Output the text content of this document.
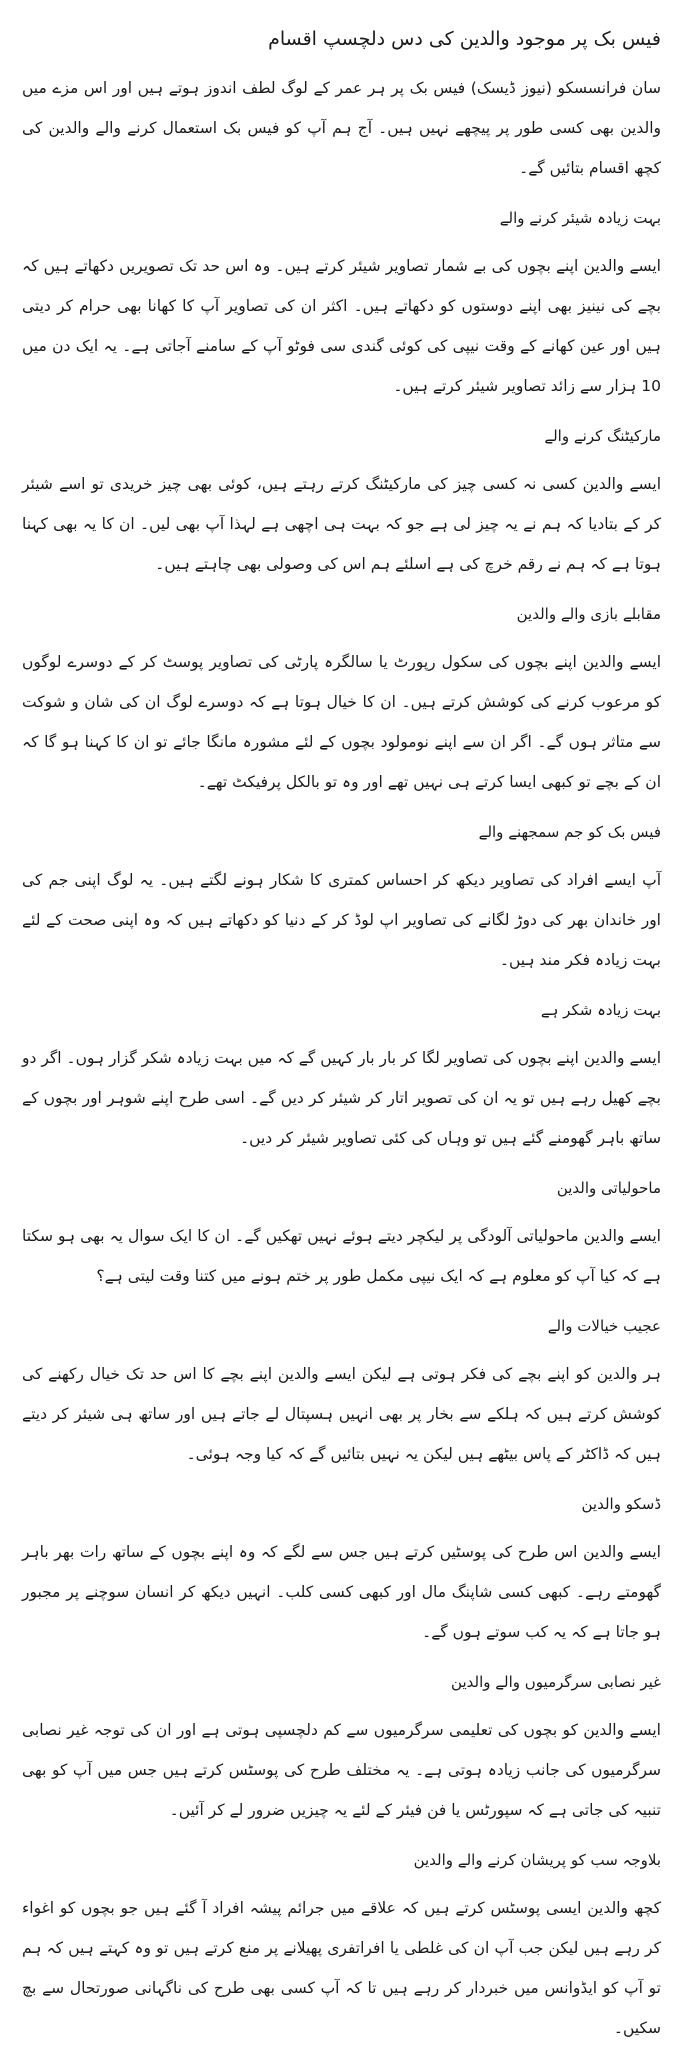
فیس بک پر موجود والدین کی دس دلچسپ اقسام

سان فرانسسکو (نیوز ڈیسک) فیس بک پر ہر عمر کے لوگ لطف اندوز ہوتے ہیں اور اس مزے میں والدین بھی کسی طور پر پیچھے نہیں ہیں۔ آج ہم آپ کو فیس بک استعمال کرنے والے والدین کی کچھ اقسام بتائیں گے۔

بہت زیادہ شیئر کرنے والے

ایسے والدین اپنے بچوں کی بے شمار تصاویر شیئر کرتے ہیں۔ وہ اس حد تک تصویریں دکھاتے ہیں کہ بچے کی نینیز بھی اپنے دوستوں کو دکھاتے ہیں۔ اکثر ان کی تصاویر آپ کا کھانا بھی حرام کر دیتی ہیں اور عین کھانے کے وقت نیپی کی کوئی گندی سی فوٹو آپ کے سامنے آجاتی ہے۔ یہ ایک دن میں 10 ہزار سے زائد تصاویر شیئر کرتے ہیں۔

مارکیٹنگ کرنے والے

ایسے والدین کسی نہ کسی چیز کی مارکیٹنگ کرتے رہتے ہیں، کوئی بھی چیز خریدی تو اسے شیئر کر کے بتادیا کہ ہم نے یہ چیز لی ہے جو کہ بہت ہی اچھی ہے لہذا آپ بھی لیں۔ ان کا یہ بھی کہنا ہوتا ہے کہ ہم نے رقم خرچ کی ہے اسلئے ہم اس کی وصولی بھی چاہتے ہیں۔

مقابلے بازی والے والدین

ایسے والدین اپنے بچوں کی سکول رپورٹ یا سالگرہ پارٹی کی تصاویر پوسٹ کر کے دوسرے لوگوں کو مرعوب کرنے کی کوشش کرتے ہیں۔ ان کا خیال ہوتا ہے کہ دوسرے لوگ ان کی شان و شوکت سے متاثر ہوں گے۔ اگر ان سے اپنے نومولود بچوں کے لئے مشورہ مانگا جائے تو ان کا کہنا ہو گا کہ ان کے بچے تو کبھی ایسا کرتے ہی نہیں تھے اور وہ تو بالکل پرفیکٹ تھے۔

فیس بک کو جم سمجھنے والے

آپ ایسے افراد کی تصاویر دیکھ کر احساس کمتری کا شکار ہونے لگتے ہیں۔ یہ لوگ اپنی جم کی اور خاندان بھر کی دوڑ لگانے کی تصاویر اپ لوڈ کر کے دنیا کو دکھاتے ہیں کہ وہ اپنی صحت کے لئے بہت زیادہ فکر مند ہیں۔

بہت زیادہ شکر ہے

ایسے والدین اپنے بچوں کی تصاویر لگا کر بار بار کہیں گے کہ میں بہت زیادہ شکر گزار ہوں۔ اگر دو بچے کھیل رہے ہیں تو یہ ان کی تصویر اتار کر شیئر کر دیں گے۔ اسی طرح اپنے شوہر اور بچوں کے ساتھ باہر گھومنے گئے ہیں تو وہاں کی کئی تصاویر شیئر کر دیں۔

ماحولیاتی والدین

ایسے والدین ماحولیاتی آلودگی پر لیکچر دیتے ہوئے نہیں تھکیں گے۔ ان کا ایک سوال یہ بھی ہو سکتا ہے کہ کیا آپ کو معلوم ہے کہ ایک نیپی مکمل طور پر ختم ہونے میں کتنا وقت لیتی ہے؟

عجیب خیالات والے

ہر والدین کو اپنے بچے کی فکر ہوتی ہے لیکن ایسے والدین اپنے بچے کا اس حد تک خیال رکھنے کی کوشش کرتے ہیں کہ ہلکے سے بخار پر بھی انہیں ہسپتال لے جاتے ہیں اور ساتھ ہی شیئر کر دیتے ہیں کہ ڈاکٹر کے پاس بیٹھے ہیں لیکن یہ نہیں بتائیں گے کہ کیا وجہ ہوئی۔

ڈسکو والدین

ایسے والدین اس طرح کی پوسٹیں کرتے ہیں جس سے لگے کہ وہ اپنے بچوں کے ساتھ رات بھر باہر گھومتے رہے۔ کبھی کسی شاپنگ مال اور کبھی کسی کلب۔ انہیں دیکھ کر انسان سوچنے پر مجبور ہو جاتا ہے کہ یہ کب سوتے ہوں گے۔

غیر نصابی سرگرمیوں والے والدین

ایسے والدین کو بچوں کی تعلیمی سرگرمیوں سے کم دلچسپی ہوتی ہے اور ان کی توجہ غیر نصابی سرگرمیوں کی جانب زیادہ ہوتی ہے۔ یہ مختلف طرح کی پوسٹس کرتے ہیں جس میں آپ کو بھی تنبیہ کی جاتی ہے کہ سپورٹس یا فن فیئر کے لئے یہ چیزیں ضرور لے کر آئیں۔

بلاوجہ سب کو پریشان کرنے والے والدین

کچھ والدین ایسی پوسٹس کرتے ہیں کہ علاقے میں جرائم پیشہ افراد آ گئے ہیں جو بچوں کو اغواء کر رہے ہیں لیکن جب آپ ان کی غلطی یا افراتفری پھیلانے پر منع کرتے ہیں تو وہ کہتے ہیں کہ ہم تو آپ کو ایڈوانس میں خبردار کر رہے ہیں تا کہ آپ کسی بھی طرح کی ناگہانی صورتحال سے بچ سکیں۔
